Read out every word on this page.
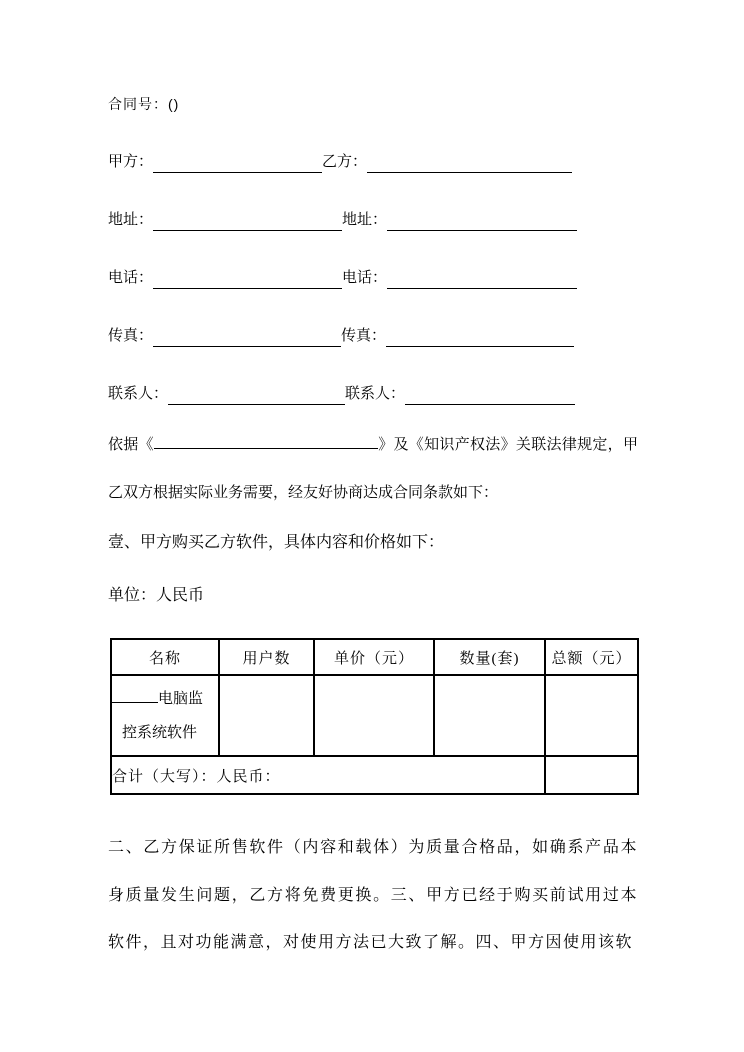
合同号：()
甲方：	乙方：
地址：	地址：
电话：	电话：
传真：	传真：
联系人：	联系人：

依据《	》及《知识产权法》关联法律规定，甲乙双方根据实际业务需要，经友好协商达成合同条款如下：

壹、甲方购买乙方软件，具体内容和价格如下：

单位：人民币

名称	用户数	单价（元）	数量(套)	总额（元）

电脑监
控系统软件				

合计（大写）：人民币：				

二、乙方保证所售软件（内容和载体）为质量合格品，如确系产品本身质量发生问题，乙方将免费更换。三、甲方已经于购买前试用过本软件，且对功能满意，对使用方法已大致了解。四、甲方因使用该软
